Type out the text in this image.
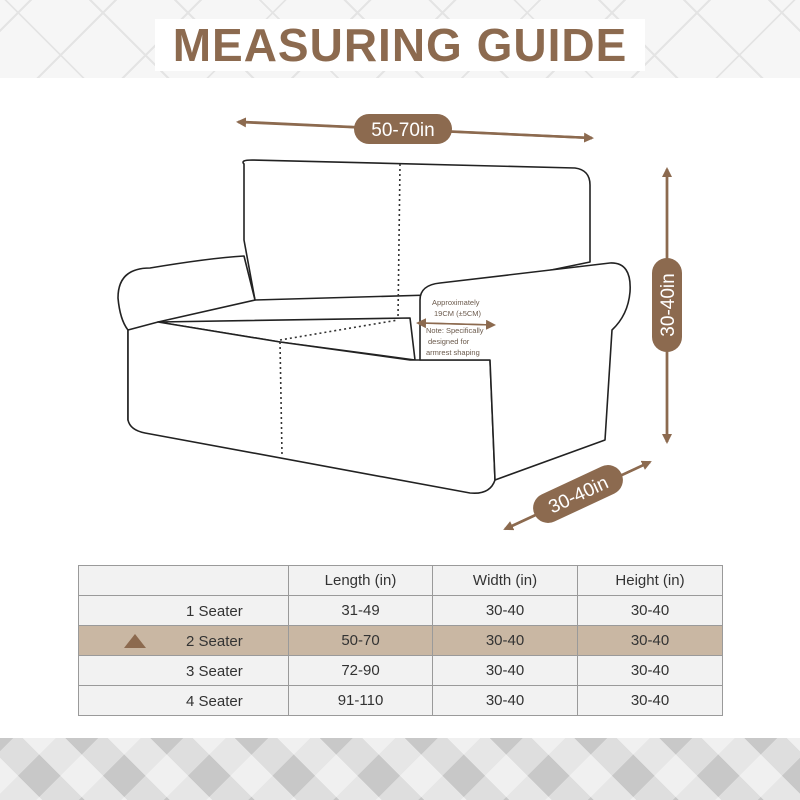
MEASURING GUIDE
50-70in
30-40in
30-40in
Approximately
19CM (±5CM)
Note: Specifically
designed for
armrest shaping
	Length (in)	Width (in)	Height (in)

1 Seater	31-49	30-40	30-40

2 Seater	50-70	30-40	30-40

3 Seater	72-90	30-40	30-40

4 Seater	91-110	30-40	30-40
